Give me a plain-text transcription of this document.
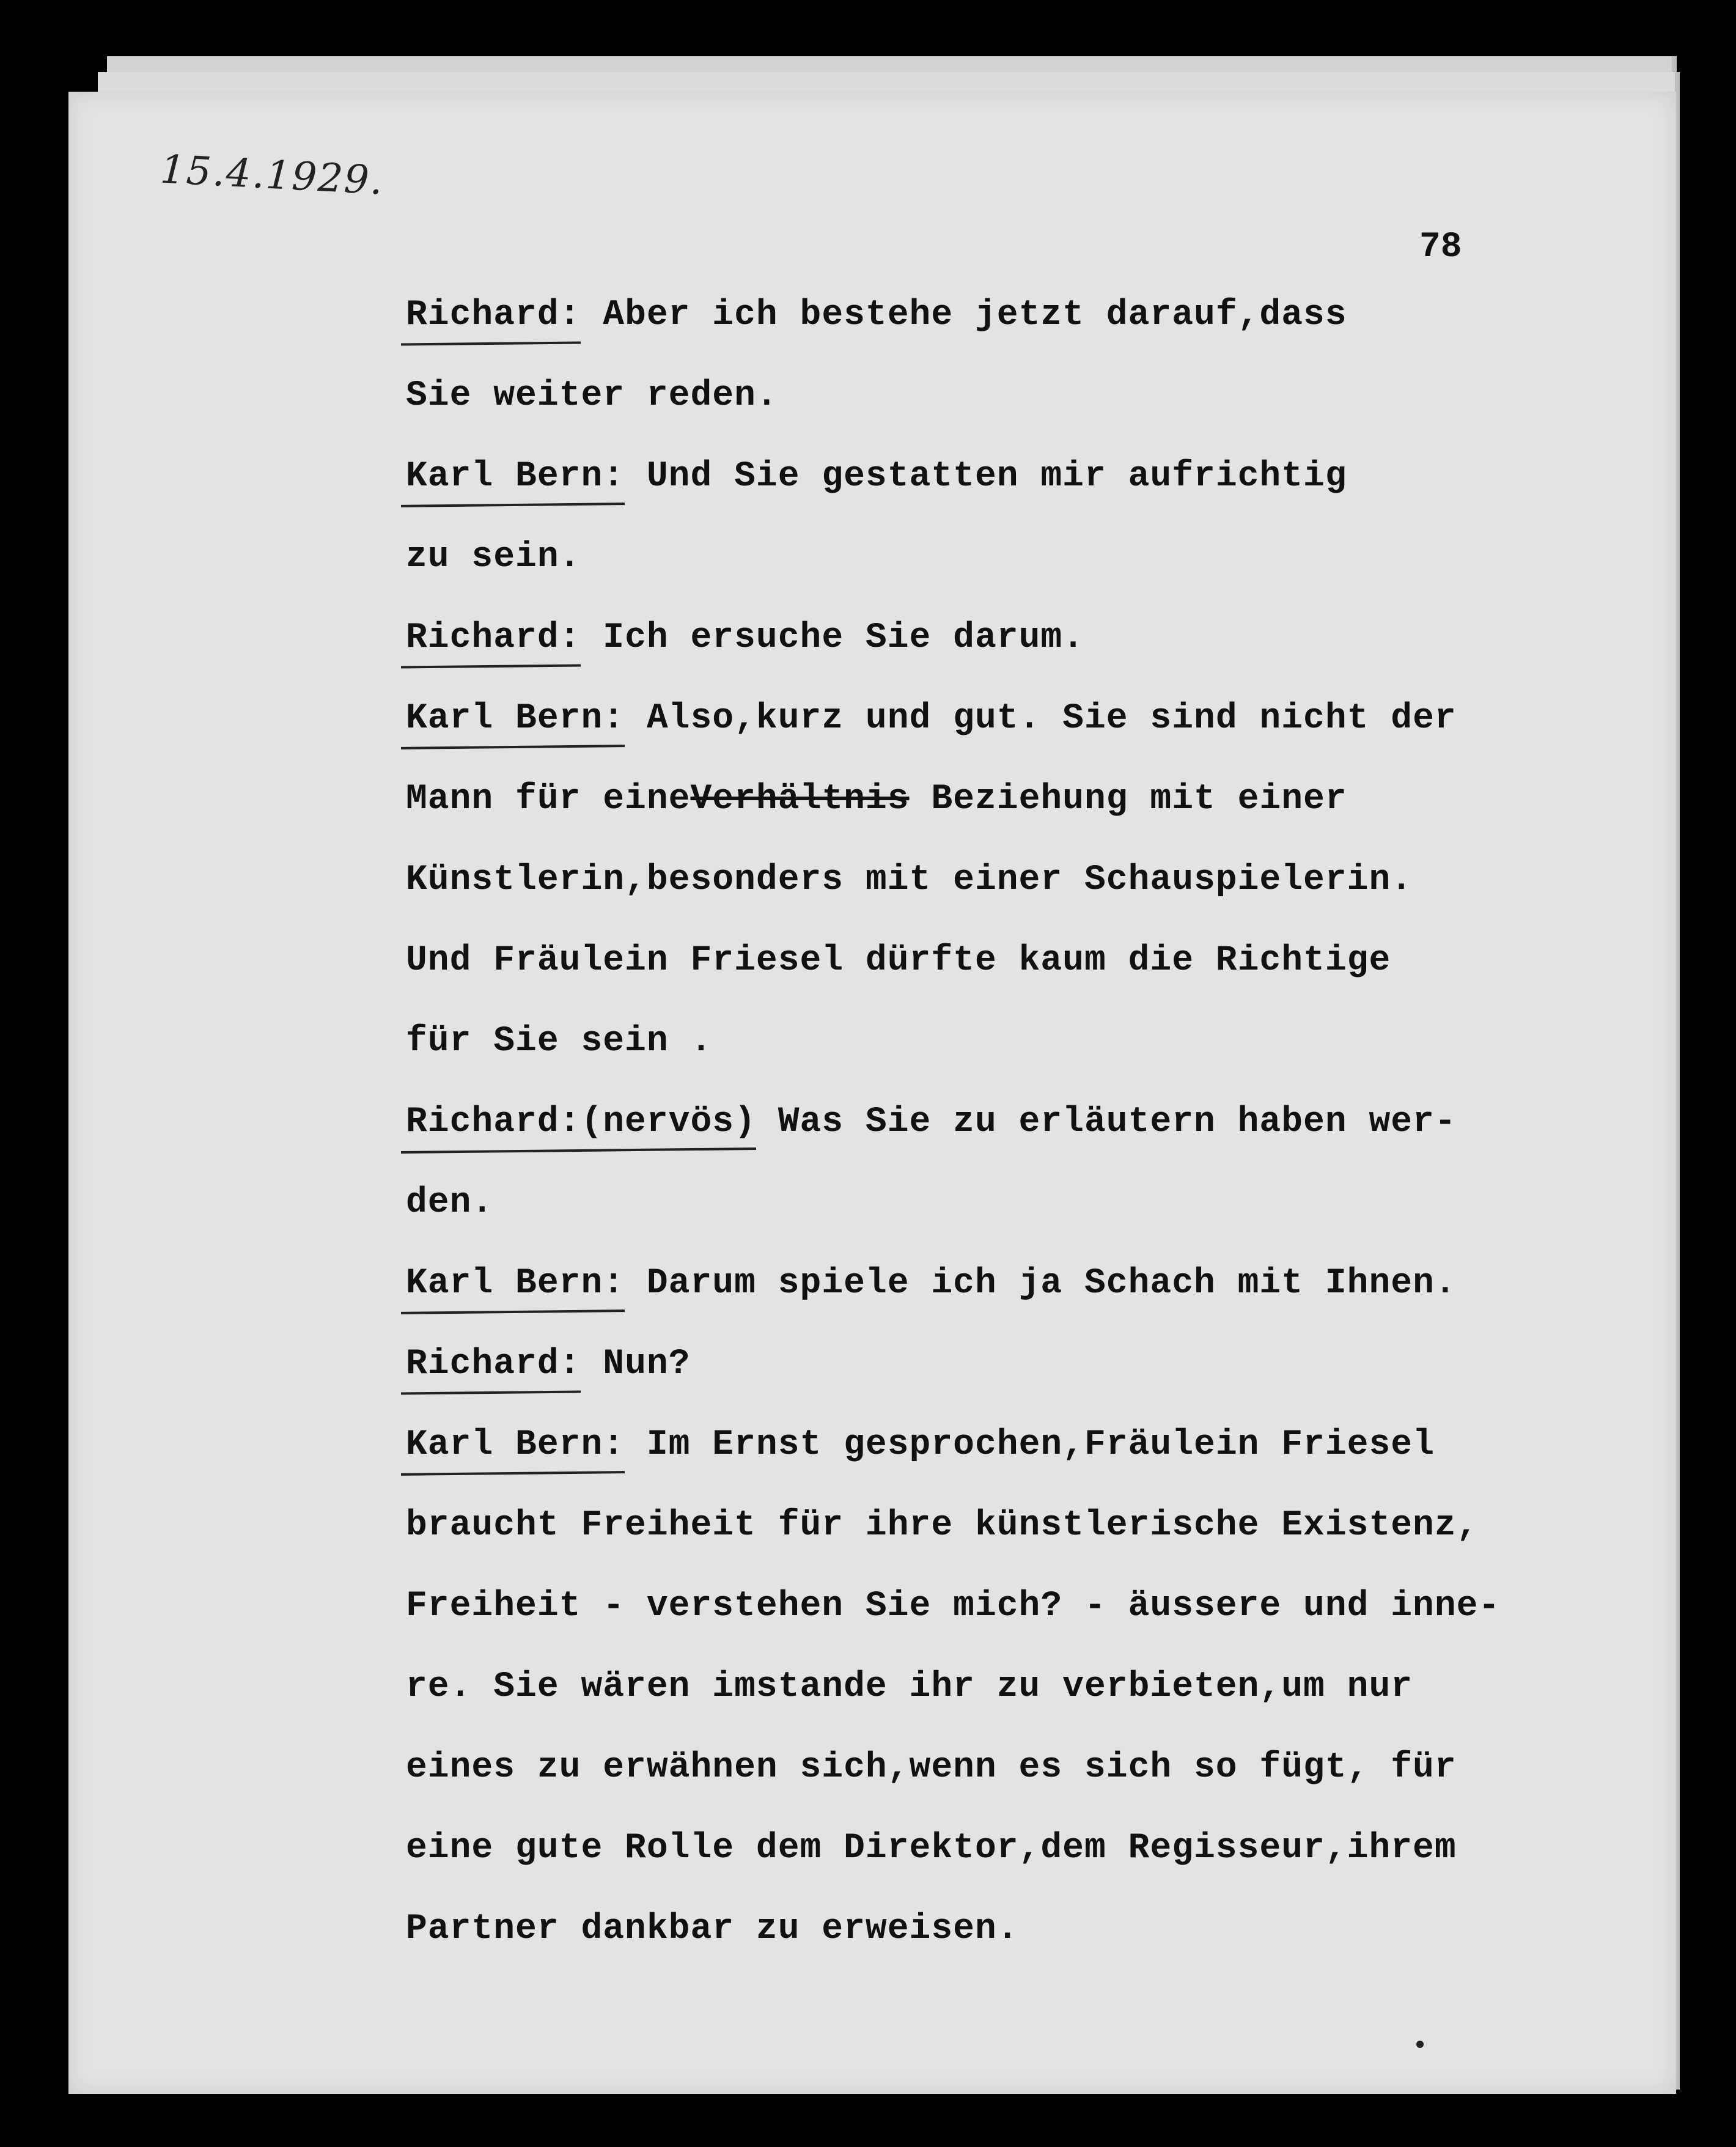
15.4.1929.
78
Richard:
Aber ich bestehe jetzt darauf,dass
Sie weiter reden.
Karl Bern:
Und Sie gestatten mir aufrichtig
zu sein.
Richard:
Ich ersuche Sie darum.
Karl Bern:
Also,kurz und gut. Sie sind nicht der
Mann für eineVerhältnis Beziehung mit einer
Künstlerin,besonders mit einer Schauspielerin.
Und Fräulein Friesel dürfte kaum die Richtige
für Sie sein .
Richard:(nervös)
Was Sie zu erläutern haben wer-
den.
Karl Bern:
Darum spiele ich ja Schach mit Ihnen.
Richard:
Nun?
Karl Bern:
Im Ernst gesprochen,Fräulein Friesel
braucht Freiheit für ihre künstlerische Existenz,
Freiheit - verstehen Sie mich? - äussere und inne-
re. Sie wären imstande ihr zu verbieten,um nur
eines zu erwähnen sich,wenn es sich so fügt, für
eine gute Rolle dem Direktor,dem Regisseur,ihrem
Partner dankbar zu erweisen.
